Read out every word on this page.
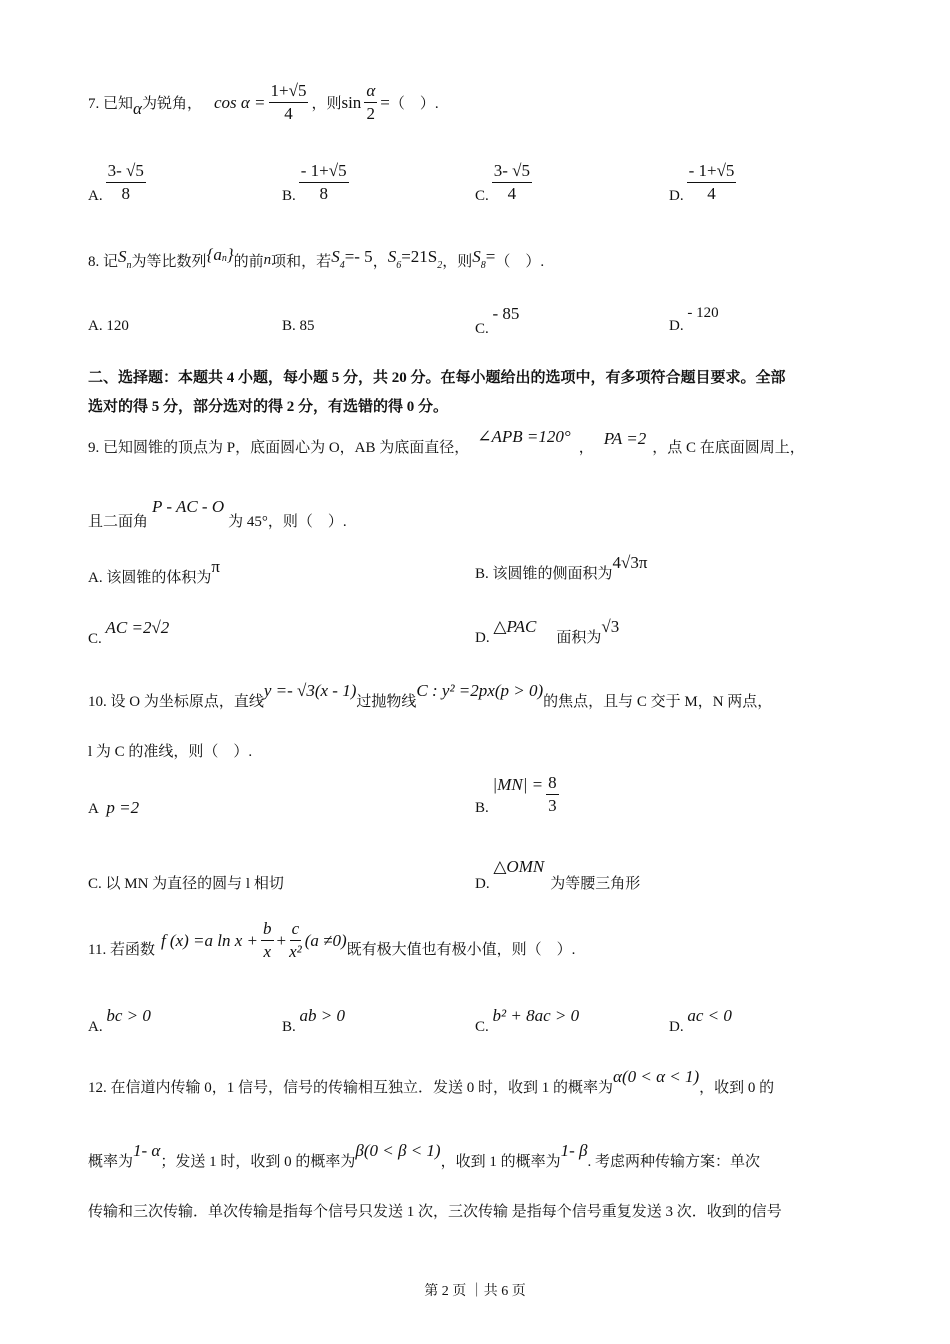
7. 已知 α 为锐角， $\cos \alpha = \frac{1+√5}{4}$ ，则 $\sin \frac{\alpha}{2}$ = （　）.
A. $\frac{3- √5}{8}$	B. $\frac{- 1+√5}{8}$	C. $\frac{3- √5}{4}$	D. $\frac{- 1+√5}{4}$
8. 记 S n 为等比数列 {a n } 的前 n 项和，若 S 4 =- 5 ， S 6 =21S 2 ，则 S 8 = （　）.
A.
120	B.
85	C.

- 85
D.

- 120
二、选择题：本题共 4 小题，每小题 5 分，共 20 分。在每小题给出的选项中，有多项符合题目要求。全部
选对的得 5 分，部分选对的得 2 分，有选错的得 0 分。
9. 已知圆锥的顶点为 P，底面圆心为 O，AB 为底面直径，
∠APB =120°
，
PA =2
，点 C 在底面圆周上，
且二面角
P - AC - O
为 45°，则（　）.
A. 该圆锥的体积为
π	B. 该圆锥的侧面积为
4√3π
C.

AC =2√2
D.

△PAC
面积为
√3
10. 设 O 为坐标原点，直线
y =- √3(x - 1)
过抛物线
C : y² =2px(p > 0)
的焦点，且与 C 交于 M，N 两点，
l 为 C 的准线，则（　）.
A
p =2	B.

$|MN| = \frac{8}{3}$
C. 以 MN 为直径的圆与 l 相切	D.

△OMN
为等腰三角形
11. 若函数
f (x) =a $\ln x + \frac{b}{x} + \frac{c}{\text{x²}} (a \ne 0)$
既有极大值也有极小值，则（　）.
A.

bc > 0
B.

ab > 0
C.

b² + 8ac > 0
D.

ac < 0
12. 在信道内传输 0，1 信号，信号的传输相互独立．发送 0 时，收到 1 的概率为
α(0 < α < 1)
，收到 0 的
概率为
1- α
；发送 1 时，收到 0 的概率为
β(0 < β < 1)
，收到 1 的概率为
1- β
. 考虑两种传输方案：单次
传输和三次传输．单次传输是指每个信号只发送 1 次，三次传输 是指每个信号重复发送 3 次．收到的信号
第 2 页 ｜共 6 页
